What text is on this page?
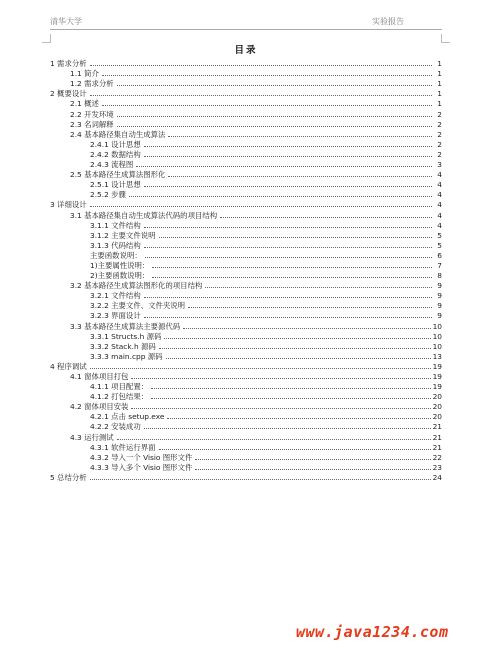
清华大学	实验报告
目录
1 需求分析	1
1.1 简介	1
1.2 需求分析	1
2 概要设计	1
2.1 概述	1
2.2 开发环境	2
2.3 名词解释	2
2.4 基本路径集自动生成算法	2
2.4.1 设计思想	2
2.4.2 数据结构	2
2.4.3 流程图	3
2.5 基本路径生成算法图形化	4
2.5.1 设计思想	4
2.5.2 步骤	4
3 详细设计	4
3.1 基本路径集自动生成算法代码的项目结构	4
3.1.1 文件结构	4
3.1.2 主要文件说明	5
3.1.3 代码结构	5
主要函数说明：	6
1)主要属性说明：	7
2)主要函数说明：	8
3.2 基本路径生成算法图形化的项目结构	9
3.2.1 文件结构	9
3.2.2 主要文件、文件夹说明	9
3.2.3 界面设计	9
3.3 基本路径生成算法主要源代码	10
3.3.1 Structs.h 源码	10
3.3.2 Stack.h 源码	10
3.3.3 main.cpp 源码	13
4 程序调试	19
4.1 窗体项目打包	19
4.1.1 项目配置：	19
4.1.2 打包结果：	20
4.2 窗体项目安装	20
4.2.1 点击 setup.exe	20
4.2.2 安装成功	21
4.3 运行测试	21
4.3.1 软件运行界面	21
4.3.2 导入一个 Visio 图形文件	22
4.3.3 导入多个 Visio 图形文件	23
5 总结分析	24
www.java1234.com
